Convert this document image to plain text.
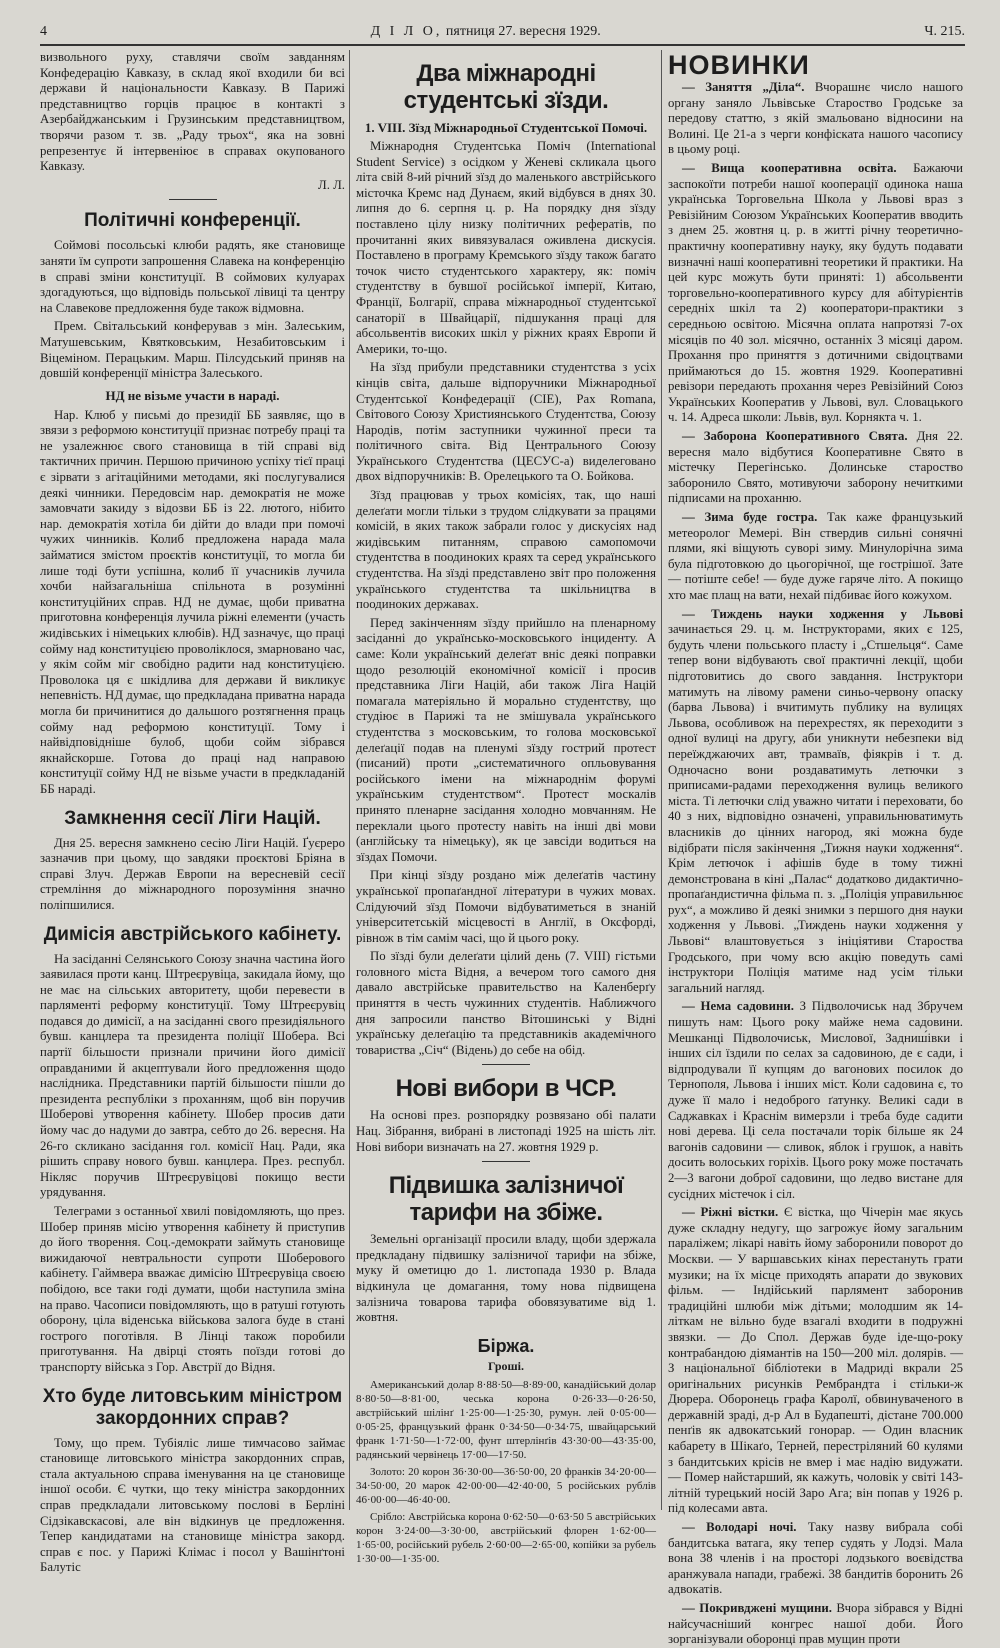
4	Д І Л О, пятниця 27. вересня 1929.	Ч. 215.

визвольного руху, ставлячи своїм завданням Конфедерацію Кавказу, в склад якої входили би всі держави й національности Кавказу. В Парижі представництво горців працює в контакті з Азербайджанським і Грузинським представництвом, творячи разом т. зв. „Раду трьох“, яка на зовні репрезентує й інтервеніює в справах окупованого Кавказу.

Л. Л.

Політичні конференції.

Соймові посольські клюби радять, яке становище заняти їм супроти запрошення Славека на конференцію в справі зміни конституції. В соймових кулуарах здогадуються, що відповідь польської лівиці та центру на Славекове предложення буде також відмовна.

Прем. Світальський конферував з мін. Залеським, Матушевським, Квятковським, Незабитовським і Віцеміном. Перацьким. Марш. Пілсудський приняв на довшій конференції міністра Залеського.

НД не візьме участи в нараді.

Нар. Клюб у письмі до президії ББ заявляє, що в звязи з реформою конституції признає потребу праці та не узалежнює свого становища в тій справі від тактичних причин. Першою причиною успіху тієї праці є зірвати з агітаційними методами, які послугувалися деякі чинники. Передовсім нар. демократія не може замовчати закиду з відозви ББ із 22. лютого, нібито нар. демократія хотіла би дійти до влади при помочі чужих чинників. Колиб предложена нарада мала займатися змістом проєктів конституції, то могла би лише тоді бути успішна, колиб її учасників лучила хочби найзагальніша спільнота в розумінні конституційних справ. НД не думає, щоби приватна приготовна конференція лучила ріжні елементи (участь жидівських і німецьких клюбів). НД зазначує, що праці сойму над конституцією проволіклося, змарновано час, у якім сойм міг свобідно радити над конституцією. Проволока ця є шкідлива для держави й викликує непевність. НД думає, що предкладана приватна нарада могла би причинитися до дальшого розтягнення праць сойму над реформою конституції. Тому і найвідповідніше булоб, щоби сойм зібрався якнайскорше. Готова до праці над направою конституції сойму НД не візьме участи в предкладаній ББ нараді.

Замкнення сесії Ліги Націй.

Дня 25. вересня замкнено сесію Ліги Націй. Ґуєреро зазначив при цьому, що завдяки проєктові Бріяна в справі Злуч. Держав Европи на вересневій сесії стремління до міжнародного порозуміння значно поліпшилися.

Димісія австрійського кабінету.

На засіданні Селянського Союзу значна частина його заявилася проти канц. Штреєрувіца, закидала йому, що не має на сільських авторитету, щоби перевести в парляменті реформу конституції. Тому Штреєрувіц подався до димісії, а на засіданні свого президіяльного бувш. канцлера та президента поліції Шобера. Всі партії більшости признали причини його димісії оправданими й акцептували його предложення щодо наслідника. Представники партій більшости пішли до президента республіки з проханням, щоб він поручив Шоберові утворення кабінету. Шобер просив дати йому час до надуми до завтра, себто до 26. вересня. На 26-го скликано засідання гол. комісії Нац. Ради, яка рішить справу нового бувш. канцлера. През. республ. Нікляс поручив Штреєрувіцові покищо вести урядування.

Телеграми з останньої хвилі повідомляють, що през. Шобер приняв місію утворення кабінету й приступив до його творення. Соц.-демократи займуть становище вижидаючої невтральности супроти Шоберового кабінету. Гаймвера вважає димісію Штреєрувіца своєю побідою, все таки годі думати, щоби наступила зміна на право. Часописи повідомляють, що в ратуші готують оборону, ціла віденська військова залога буде в стані гострого поготівля. В Лінці також поробили приготування. На двірці стоять поїзди готові до транспорту війська з Гор. Австрії до Відня.

Хто буде литовським міністром закордонних справ?

Тому, що прем. Тубіяліс лише тимчасово займає становище литовського міністра закордонних справ, стала актуальною справа іменування на це становище іншої особи. Є чутки, що теку міністра закордонних справ предкладали литовському послові в Берліні Сідзікавскасові, але він відкинув це предложення. Тепер кандидатами на становище міністра закорд. справ є пос. у Парижі Клімас і посол у Вашінґтоні Балутіс

Два міжнародні студентські зїзди.
1. VIII. Зїзд Міжнародньої Студентської Помочі.

Міжнародня Студентська Поміч (International Student Service) з осідком у Женеві скликала цього літа свій 8-ий річний зїзд до маленького австрійського місточка Кремс над Дунаєм, який відбувся в днях 30. липня до 6. серпня ц. р. На порядку дня зїзду поставлено цілу низку політичних рефератів, по прочитанні яких вивязувалася оживлена дискусія. Поставлено в програму Кремського зїзду також багато точок чисто студентського характеру, як: поміч студентству в бувшої російської імперії, Китаю, Франції, Болгарії, справа міжнародньої студентської санаторії в Швайцарії, підшукання праці для абсольвентів високих шкіл у ріжних краях Европи й Америки, то-що.

На зїзд прибули представники студентства з усіх кінців світа, дальше відпоручники Міжнародньої Студентської Конфедерації (CIE), Pax Romana, Світового Союзу Християнського Студентства, Союзу Народів, потім заступники чужинної преси та політичного світа. Від Центрального Союзу Українського Студентства (ЦЕСУС-а) виделеговано двох відпоручників: В. Орелецького та О. Бойкова.

Зїзд працював у трьох комісіях, так, що наші делеґати могли тільки з трудом слідкувати за працями комісій, в яких також забрали голос у дискусіях над жидівським питанням, справою самопомочи студентства в поодиноких краях та серед українського студентства. На зїзді представлено звіт про положення українського студентства та шкільництва в поодиноких державах.

Перед закінченням зїзду прийшло на пленарному засіданні до українсько-московського інциденту. А саме: Коли український делеґат вніс деякі поправки щодо резолюцій економічної комісії і просив представника Ліги Націй, аби також Ліга Націй помагала матеріяльно й морально студентству, що студіює в Парижі та не змішувала українського студентства з московським, то голова московської делеґації подав на пленумі зїзду гострий протест (писаний) проти „систематичного опльовування російського імени на міжнароднім форумі українським студентством“. Протест москалів принято пленарне засідання холодно мовчанням. Не переклали цього протесту навіть на інші дві мови (англійську та німецьку), як це завсіди водиться на зїздах Помочи.

При кінці зїзду роздано між делеґатів частину української пропаґандної літератури в чужих мовах. Слідуючий зїзд Помочи відбуватиметься в знаній університетській місцевості в Англії, в Оксфорді, рівнож в тім самім часі, що й цього року.

По зїзді були делеґати цілий день (7. VIII) гістьми головного міста Відня, а вечером того самого дня давало австрійське правительство на Каленберґу приняття в честь чужинних студентів. Наближчого дня запросили панство Вітошинські у Відні українську делеґацію та представників академічного товариства „Січ“ (Відень) до себе на обід.

Нові вибори в ЧСР.

На основі през. розпорядку розвязано обі палати Нац. Зібрання, вибрані в листопаді 1925 на шість літ. Нові вибори визначать на 27. жовтня 1929 р.

Підвишка залізничої тарифи на збіже.

Земельні організації просили владу, щоби здержала предкладану підвишку залізничої тарифи на збіже, муку й ометицю до 1. листопада 1930 р. Влада відкинула це домагання, тому нова підвищена залізнича товарова тарифа обовязуватиме від 1. жовтня.

Біржа.
Гроші.

Американський долар 8·88·50—8·89·00, канадійський долар 8·80·50—8·81·00, чеська корона 0·26·33—0·26·50, австрійський шілінґ 1·25·00—1·25·30, румун. лей 0·05·00—0·05·25, французький франк 0·34·50—0·34·75, швайцарський франк 1·71·50—1·72·00, фунт штерлінґів 43·30·00—43·35·00, радянський червінець 17·00—17·50.

Золото: 20 корон 36·30·00—36·50·00, 20 франків 34·20·00—34·50·00, 20 марок 42·00·00—42·40·00, 5 російських рублів 46·00·00—46·40·00.

Срібло: Австрійська корона 0·62·50—0·63·50 5 австрійських корон 3·24·00—3·30·00, австрійський флорен 1·62·00—1·65·00, російський рубель 2·60·00—2·65·00, копійки за рубель 1·30·00—1·35·00.

НОВИНКИ

— Заняття „Діла“. Вчорашнє число нашого органу заняло Львівське Староство Гродське за передову статтю, з якій змальовано відносини на Волині. Це 21-а з черги конфіската нашого часопису в цьому році.

— Вища кооперативна освіта. Бажаючи заспокоїти потреби нашої кооперації одинока наша українська Торговельна Школа у Львові враз з Ревізійним Союзом Українських Кооператив вводить з днем 25. жовтня ц. р. в житті річну теоретично-практичну кооперативну науку, яку будуть подавати визначні наші кооперативні теоретики й практики. На цей курс можуть бути приняті: 1) абсольвенти торговельно-кооперативного курсу для абітурієнтів середніх шкіл та 2) кооператори-практики з середньою освітою. Місячна оплата напротязі 7-ох місяців по 40 зол. місячно, останніх 3 місяці даром. Прохання про приняття з дотичними свідоцтвами приймаються до 15. жовтня 1929. Кооперативні ревізори передають прохання через Ревізійний Союз Українських Кооператив у Львові, вул. Словацького ч. 14. Адреса школи: Львів, вул. Корнякта ч. 1.

— Заборона Кооперативного Свята. Дня 22. вересня мало відбутися Кооперативне Свято в містечку Перегінсько. Долинське староство заборонило Свято, мотивуючи заборону нечиткими підписами на проханню.

— Зима буде гостра. Так каже французький метеоролог Мемері. Він ствердив сильні сонячні плями, які віщують суворі зиму. Минулорічна зима була підготовкою до цьогорічної, ще гострішої. Зате — потіште себе! — буде дуже гаряче літо. А покищо хто має плащ на вати, нехай підбиває його кожухом.

— Тиждень науки ходження у Львові зачинається 29. ц. м. Інструкторами, яких є 125, будуть члени польського пласту і „Стшельця“. Саме тепер вони відбувають свої практичні лекції, щоби підготовитись до свого завдання. Інструктори матимуть на лівому рамени синьо-червону опаску (барва Львова) і вчитимуть публику на вулицях Львова, особливож на перехрестях, як переходити з одної вулиці на другу, аби уникнути небезпеки від переїжджаючих авт, трамваїв, фіякрів і т. д. Одночасно вони роздаватимуть летючки з приписами-радами переходження вулиць великого міста. Ті летючки слід уважно читати і переховати, бо 40 з них, відповідно означені, управильнюватимуть власників до цінних нагород, які можна буде відібрати після закінчення „Тижня науки ходження“. Крім летючок і афішів буде в тому тижні демонстрована в кіні „Палас“ додатково дидактично-пропаґандистична фільма п. з. „Поліція управильнює рух“, а можливо й деякі знимки з першого дня науки ходження у Львові. „Тиждень науки ходження у Львові“ влаштовується з ініціятиви Староства Гродського, при чому всю акцію поведуть самі інструктори Поліція матиме над усім тільки загальний нагляд.

— Нема садовини. З Підволочиськ над Збручем пишуть нам: Цього року майже нема садовини. Мешканці Підволочиськ, Мислової, Задниш́івки і інших сіл їздили по селах за садовиною, де є сади, і відпродували її купцям до вагонових посилок до Тернополя, Львова і інших міст. Коли садовина є, то дуже її мало і недоброго ґатунку. Великі сади в Саджавках і Краснім вимерзли і треба буде садити нові дерева. Ці села постачали торік більше як 24 вагонів садовини — сливок, яблок і грушок, а навіть досить волоських горіхів. Цього року може постачать 2—3 вагони доброї садовини, що ледво вистане для сусідних містечок і сіл.

— Ріжні вістки. Є вістка, що Чічерін має якусь дуже складну недугу, що загрожує йому загальним параліжем; лікарі навіть йому заборонили поворот до Москви. — У варшавських кінах перестануть грати музики; на їх місце приходять апарати до звукових фільм. — Індійський парлямент заборонив традиційні шлюби між дітьми; молодшим як 14-літкам не вільно буде взагалі входити в подружні звязки. — До Спол. Держав буде іде-що-року контрабандою діямантів на 150—200 міл. долярів. — З національної бібліотеки в Мадриді вкрали 25 оригінальних рисунків Рембрандта і стільки-ж Дюрера. Оборонець графа Каролї, обвинуваченого в державній зраді, д-р Ал в Будапешті, дістане 700.000 пенґів як адвокатський гонорар. — Один власник кабарету в Шікаґо, Терней, перестріляний 60 кулями з бандитських крісів не вмер і має надію видужати. — Помер найстарший, як кажуть, чоловік у світі 143-літній турецький носій Заро Ага; він попав у 1926 р. під колесами авта.

— Володарі ночі. Таку назву вибрала собі бандитська ватага, яку тепер судять у Лодзі. Мала вона 38 членів і на просторі лодзького воєвідства аранжувала напади, грабежі. 38 бандитів боронить 26 адвокатів.

— Покривджені мущини. Вчора зібрався у Відні найсучасніший конгрес нашої доби. Його зорганізували оборонці прав мущин проти
